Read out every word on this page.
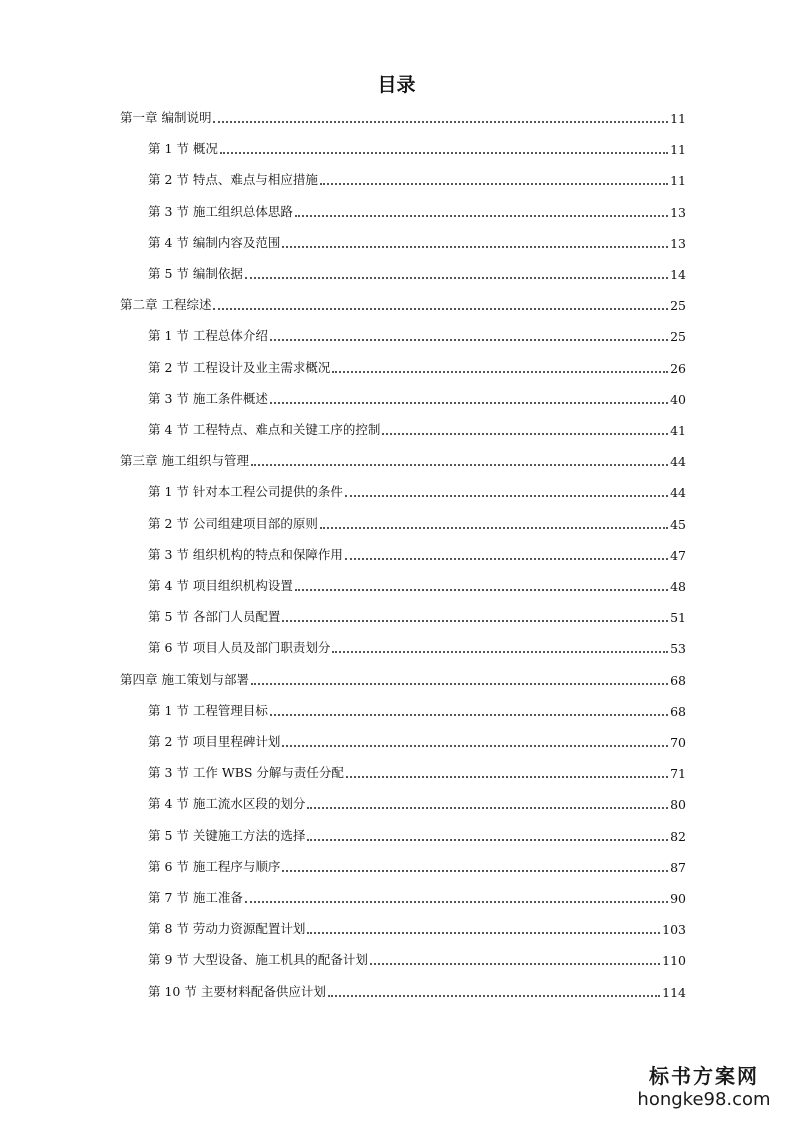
目录
第一章 编制说明	11
第 1 节 概况	11
第 2 节 特点、难点与相应措施	11
第 3 节 施工组织总体思路	13
第 4 节 编制内容及范围	13
第 5 节 编制依据	14
第二章 工程综述	25
第 1 节 工程总体介绍	25
第 2 节 工程设计及业主需求概况	26
第 3 节 施工条件概述	40
第 4 节 工程特点、难点和关键工序的控制	41
第三章 施工组织与管理	44
第 1 节 针对本工程公司提供的条件	44
第 2 节 公司组建项目部的原则	45
第 3 节 组织机构的特点和保障作用	47
第 4 节 项目组织机构设置	48
第 5 节 各部门人员配置	51
第 6 节 项目人员及部门职责划分	53
第四章 施工策划与部署	68
第 1 节 工程管理目标	68
第 2 节 项目里程碑计划	70
第 3 节 工作 WBS 分解与责任分配	71
第 4 节 施工流水区段的划分	80
第 5 节 关键施工方法的选择	82
第 6 节 施工程序与顺序	87
第 7 节 施工准备	90
第 8 节 劳动力资源配置计划	103
第 9 节 大型设备、施工机具的配备计划	110
第 10 节 主要材料配备供应计划	114
标书方案网
hongke98.com
